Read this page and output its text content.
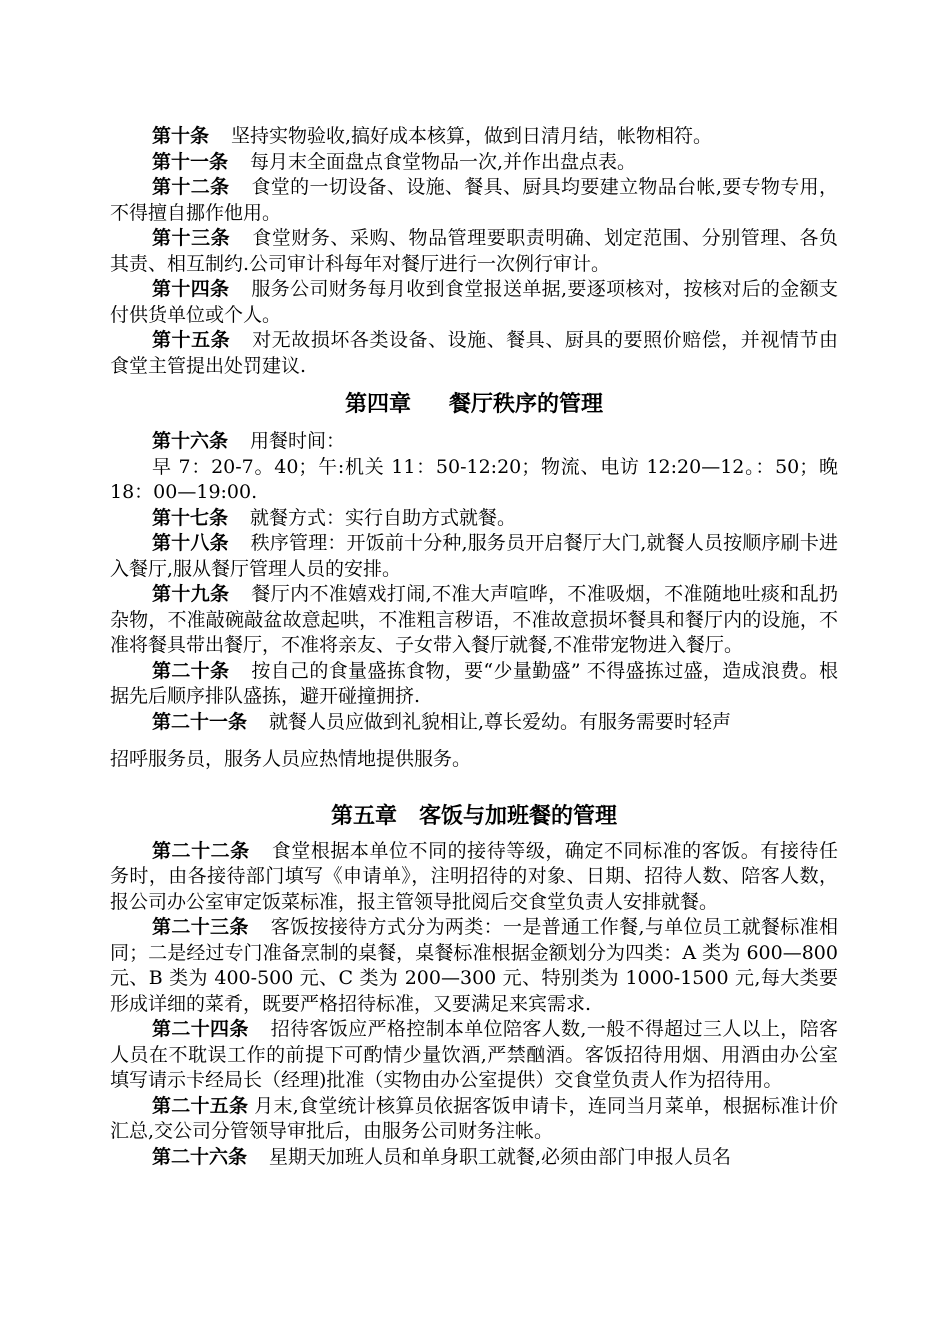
第十条 坚持实物验收,搞好成本核算，做到日清月结，帐物相符。

第十一条 每月末全面盘点食堂物品一次,并作出盘点表。

第十二条 食堂的一切设备、设施、餐具、厨具均要建立物品台帐,要专物专用，不得擅自挪作他用。

第十三条 食堂财务、采购、物品管理要职责明确、划定范围、分别管理、各负其责、相互制约.公司审计科每年对餐厅进行一次例行审计。

第十四条 服务公司财务每月收到食堂报送单据,要逐项核对，按核对后的金额支付供货单位或个人。

第十五条 对无故损坏各类设备、设施、餐具、厨具的要照价赔偿，并视情节由食堂主管提出处罚建议.

第四章 餐厅秩序的管理

第十六条 用餐时间：

早 7：20-7。40；午:机关 11：50-12:20；物流、电访 12:20—12。：50；晚 18：00—19:00.

第十七条 就餐方式：实行自助方式就餐。

第十八条 秩序管理：开饭前十分种,服务员开启餐厅大门,就餐人员按顺序刷卡进入餐厅,服从餐厅管理人员的安排。

第十九条 餐厅内不准嬉戏打闹,不准大声喧哗，不准吸烟，不准随地吐痰和乱扔杂物，不准敲碗敲盆故意起哄，不准粗言秽语，不准故意损坏餐具和餐厅内的设施，不准将餐具带出餐厅，不准将亲友、子女带入餐厅就餐,不准带宠物进入餐厅。

第二十条 按自己的食量盛拣食物，要“少量勤盛” 不得盛拣过盛，造成浪费。根据先后顺序排队盛拣，避开碰撞拥挤.

第二十一条 就餐人员应做到礼貌相让,尊长爱幼。有服务需要时轻声

招呼服务员，服务人员应热情地提供服务。

第五章 客饭与加班餐的管理

第二十二条 食堂根据本单位不同的接待等级，确定不同标准的客饭。有接待任务时，由各接待部门填写《申请单》，注明招待的对象、日期、招待人数、陪客人数，报公司办公室审定饭菜标准，报主管领导批阅后交食堂负责人安排就餐。

第二十三条 客饭按接待方式分为两类：一是普通工作餐,与单位员工就餐标准相同；二是经过专门准备烹制的桌餐，桌餐标准根据金额划分为四类：A 类为 600—800 元、B 类为 400-500 元、C 类为 200—300 元、特别类为 1000-1500 元,每大类要形成详细的菜肴，既要严格招待标准，又要满足来宾需求.

第二十四条 招待客饭应严格控制本单位陪客人数,一般不得超过三人以上，陪客人员在不耽误工作的前提下可酌情少量饮酒,严禁酗酒。客饭招待用烟、用酒由办公室填写请示卡经局长（经理)批准（实物由办公室提供）交食堂负责人作为招待用。

第二十五条 月末,食堂统计核算员依据客饭申请卡，连同当月菜单，根据标准计价汇总,交公司分管领导审批后，由服务公司财务注帐。

第二十六条 星期天加班人员和单身职工就餐,必须由部门申报人员名
